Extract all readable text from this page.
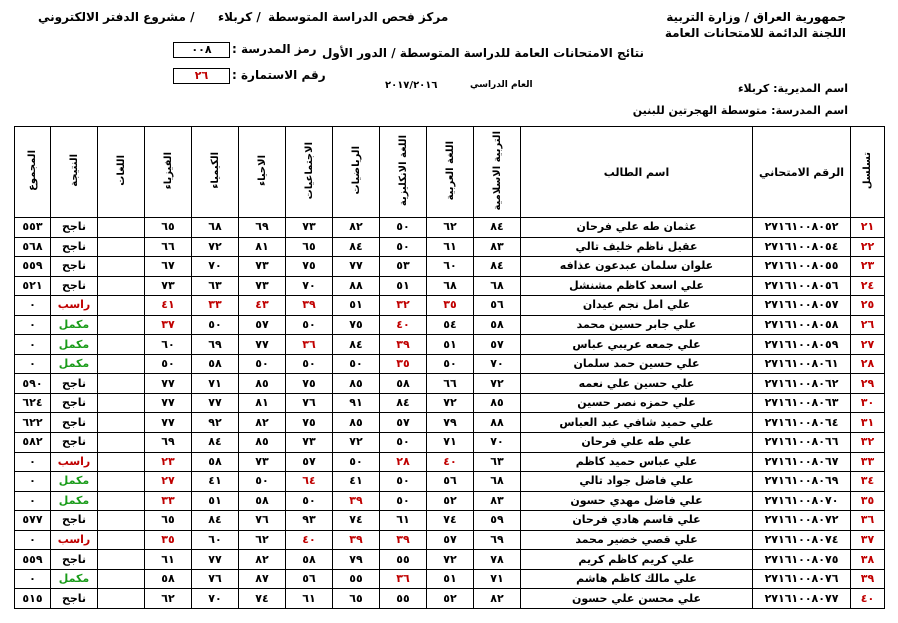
مشروع الدفتر الالكتروني / كربلاء / مركز فحص الدراسة المتوسطة	جمهورية العراق / وزارة التربية
اللجنة الدائمة للامتحانات العامة
٠٠٨	رمز المدرسة :
٢٦	رقم الاستمارة :
نتائج الامتحانات العامة للدراسة المتوسطة / الدور الأول
٢٠١٧/٢٠١٦	العام الدراسي	اسم المديرية: كربلاء
اسم المدرسة: متوسطة الهجرتين للبنين
المجموع	النتيجة	اللغات	الفيزياء	الكيمياء	الاحياء	الاجتماعيات	الرياضيات	اللغة الانكليزية	اللغة العربية	التربية الاسلامية	اسم الطالب	الرقم الامتحاني	تسلسل
٥٥٣	ناجح		٦٥	٦٨	٦٩	٧٣	٨٢	٥٠	٦٢	٨٤	عثمان طه علي فرحان	٢٧١٦١٠٠٨٠٥٢	٢١
٥٦٨	ناجح		٦٦	٧٢	٨١	٦٥	٨٤	٥٠	٦١	٨٣	عقيل ناظم خليف تالي	٢٧١٦١٠٠٨٠٥٤	٢٢
٥٥٩	ناجح		٦٧	٧٠	٧٣	٧٥	٧٧	٥٣	٦٠	٨٤	علوان سلمان عبدعون عذافه	٢٧١٦١٠٠٨٠٥٥	٢٣
٥٢١	ناجح		٧٣	٦٣	٧٣	٧٠	٨٨	٥١	٦٨	٦٨	علي اسعد كاظم مشنشل	٢٧١٦١٠٠٨٠٥٦	٢٤
٠	راسب		٤١	٣٣	٤٣	٣٩	٥١	٣٢	٣٥	٥٦	علي امل نجم عيدان	٢٧١٦١٠٠٨٠٥٧	٢٥
٠	مكمل		٣٧	٥٠	٥٧	٥٠	٧٥	٤٠	٥٤	٥٨	علي جابر حسين محمد	٢٧١٦١٠٠٨٠٥٨	٢٦
٠	مكمل		٦٠	٦٩	٧٧	٣٦	٨٤	٣٩	٥١	٥٧	علي جمعه عريبي عباس	٢٧١٦١٠٠٨٠٥٩	٢٧
٠	مكمل		٥٠	٥٨	٥٠	٥٠	٥٠	٣٥	٥٠	٧٠	علي حسين حمد سلمان	٢٧١٦١٠٠٨٠٦١	٢٨
٥٩٠	ناجح		٧٧	٧١	٨٥	٧٥	٨٥	٥٨	٦٦	٧٢	علي حسين علي نعمه	٢٧١٦١٠٠٨٠٦٢	٢٩
٦٢٤	ناجح		٧٧	٧٧	٨١	٧٦	٩١	٨٤	٧٢	٨٥	علي حمزه نصر حسين	٢٧١٦١٠٠٨٠٦٣	٣٠
٦٢٢	ناجح		٧٧	٩٢	٨٢	٧٥	٨٥	٥٧	٧٩	٨٨	علي حميد شافي عبد العباس	٢٧١٦١٠٠٨٠٦٤	٣١
٥٨٢	ناجح		٦٩	٨٤	٨٥	٧٣	٧٢	٥٠	٧١	٧٠	علي طه علي فرحان	٢٧١٦١٠٠٨٠٦٦	٣٢
٠	راسب		٢٣	٥٨	٧٣	٥٧	٥٠	٢٨	٤٠	٦٣	علي عباس حميد كاظم	٢٧١٦١٠٠٨٠٦٧	٣٣
٠	مكمل		٢٧	٤١	٥٠	٦٤	٤١	٥٠	٥٦	٦٨	علي فاضل جواد تالي	٢٧١٦١٠٠٨٠٦٩	٣٤
٠	مكمل		٣٣	٥١	٥٨	٥٠	٣٩	٥٠	٥٢	٨٣	علي فاضل مهدي حسون	٢٧١٦١٠٠٨٠٧٠	٣٥
٥٧٧	ناجح		٦٥	٨٤	٧٦	٩٣	٧٤	٦١	٧٤	٥٩	علي قاسم هادي فرحان	٢٧١٦١٠٠٨٠٧٢	٣٦
٠	راسب		٣٥	٦٠	٦٢	٤٠	٣٩	٣٩	٥٧	٦٩	علي قصي خضير محمد	٢٧١٦١٠٠٨٠٧٤	٣٧
٥٥٩	ناجح		٦١	٧٧	٨٢	٥٨	٧٩	٥٥	٧٢	٧٨	علي كريم كاظم كريم	٢٧١٦١٠٠٨٠٧٥	٣٨
٠	مكمل		٥٨	٧٦	٨٧	٥٦	٥٥	٣٦	٥١	٧١	علي مالك كاظم هاشم	٢٧١٦١٠٠٨٠٧٦	٣٩
٥١٥	ناجح		٦٢	٧٠	٧٤	٦١	٦٥	٥٥	٥٢	٨٢	علي محسن علي حسون	٢٧١٦١٠٠٨٠٧٧	٤٠
